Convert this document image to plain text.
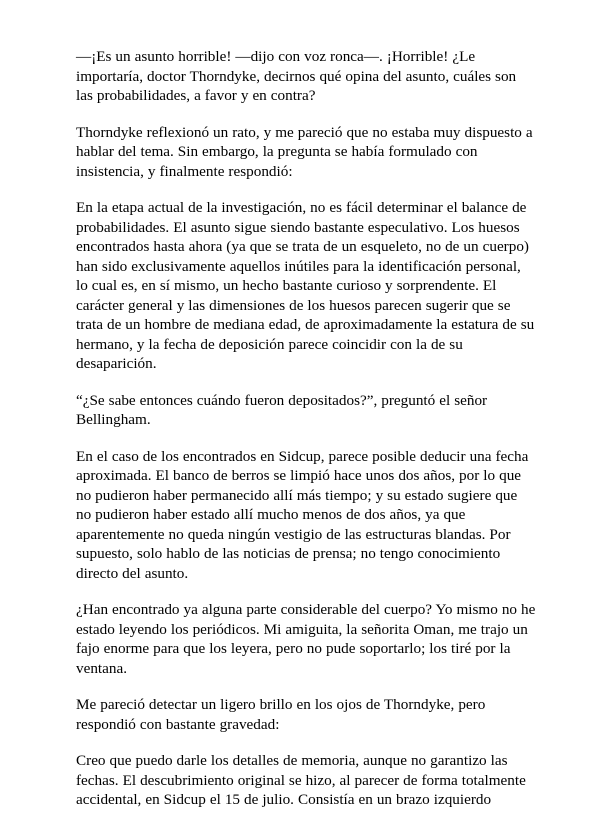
—¡Es un asunto horrible! —dijo con voz ronca—. ¡Horrible! ¿Le importaría, doctor Thorndyke, decirnos qué opina del asunto, cuáles son las probabilidades, a favor y en contra?

Thorndyke reflexionó un rato, y me pareció que no estaba muy dispuesto a hablar del tema. Sin embargo, la pregunta se había formulado con insistencia, y finalmente respondió:

En la etapa actual de la investigación, no es fácil determinar el balance de probabilidades. El asunto sigue siendo bastante especulativo. Los huesos encontrados hasta ahora (ya que se trata de un esqueleto, no de un cuerpo) han sido exclusivamente aquellos inútiles para la identificación personal, lo cual es, en sí mismo, un hecho bastante curioso y sorprendente. El carácter general y las dimensiones de los huesos parecen sugerir que se trata de un hombre de mediana edad, de aproximadamente la estatura de su hermano, y la fecha de deposición parece coincidir con la de su desaparición.

“¿Se sabe entonces cuándo fueron depositados?”, preguntó el señor Bellingham.

En el caso de los encontrados en Sidcup, parece posible deducir una fecha aproximada. El banco de berros se limpió hace unos dos años, por lo que no pudieron haber permanecido allí más tiempo; y su estado sugiere que no pudieron haber estado allí mucho menos de dos años, ya que aparentemente no queda ningún vestigio de las estructuras blandas. Por supuesto, solo hablo de las noticias de prensa; no tengo conocimiento directo del asunto.

¿Han encontrado ya alguna parte considerable del cuerpo? Yo mismo no he estado leyendo los periódicos. Mi amiguita, la señorita Oman, me trajo un fajo enorme para que los leyera, pero no pude soportarlo; los tiré por la ventana.

Me pareció detectar un ligero brillo en los ojos de Thorndyke, pero respondió con bastante gravedad:

Creo que puedo darle los detalles de memoria, aunque no garantizo las fechas. El descubrimiento original se hizo, al parecer de forma totalmente accidental, en Sidcup el 15 de julio. Consistía en un brazo izquierdo
